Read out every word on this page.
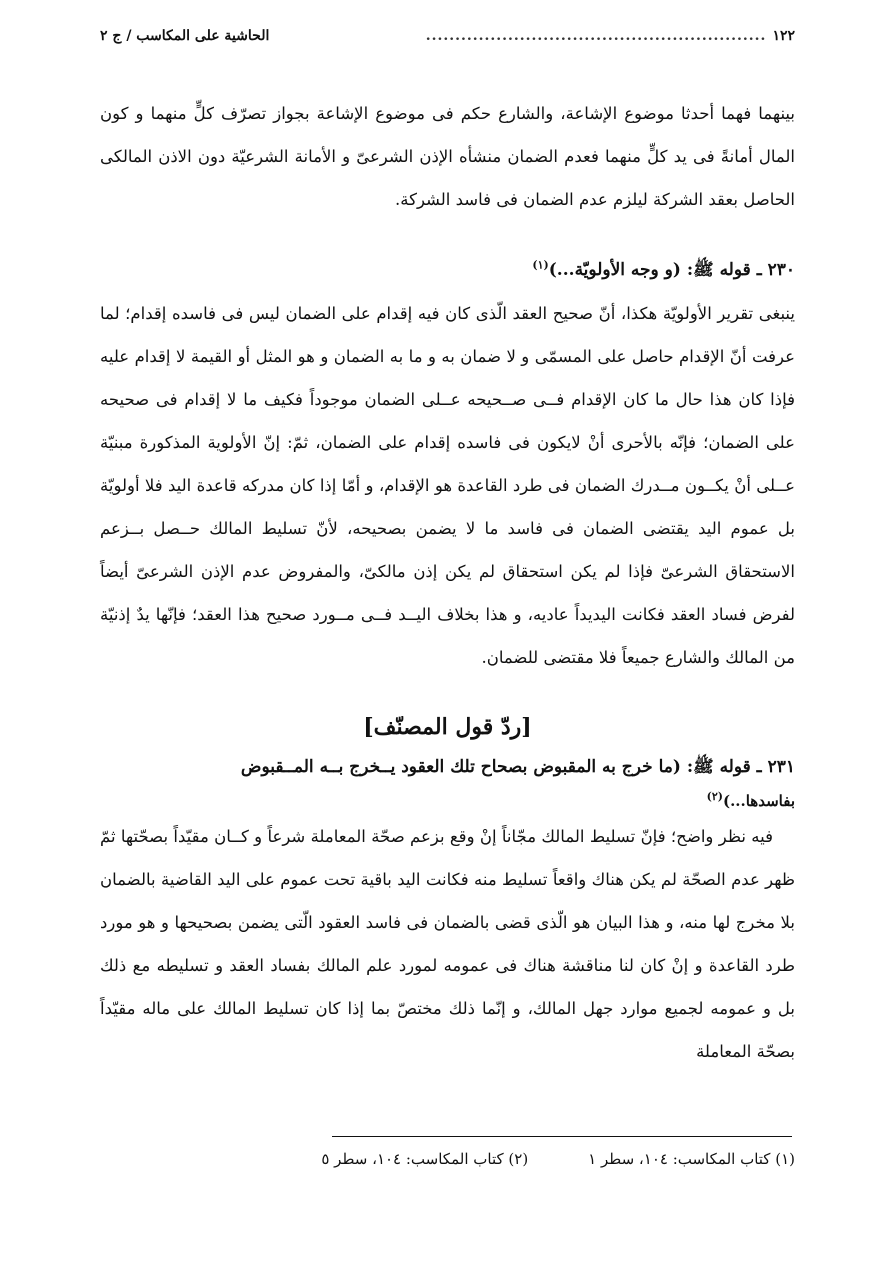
١٢٢
..........................................................
الحاشية على المكاسب / ج ٢

بينهما فهما أحدثا موضوع الإشاعة، والشارع حكم فى موضوع الإشاعة بجواز تصرّف كلٍّ منهما و كون المال أمانةً فى يد كلٍّ منهما فعدم الضمان منشأه الإذن الشرعىّ و الأمانة الشرعيّة دون الاذن المالكى الحاصل بعقد الشركة ليلزم عدم الضمان فى فاسد الشركة.

٢٣٠ ـ قوله ﷺ: (و وجه الأولويّة...)$^{(١)}$

ينبغى تقرير الأولويّة هكذا، أنّ صحيح العقد الّذى كان فيه إقدام على الضمان ليس فى فاسده إقدام؛ لما عرفت أنّ الإقدام حاصل على المسمّى و لا ضمان به و ما به الضمان و هو المثل أو القيمة لا إقدام عليه فإذا كان هذا حال ما كان الإقدام فــى صــحيحه عــلى الضمان موجوداً فكيف ما لا إقدام فى صحيحه على الضمان؛ فإنّه بالأحرى أنْ لايكون فى فاسده إقدام على الضمان، ثمّ: إنّ الأولوية المذكورة مبنيّة عــلى أنْ يكــون مــدرك الضمان فى طرد القاعدة هو الإقدام، و أمّا إذا كان مدركه قاعدة اليد فلا أولويّة بل عموم اليد يقتضى الضمان فى فاسد ما لا يضمن بصحيحه، لأنّ تسليط المالك حــصل بــزعم الاستحقاق الشرعىّ فإذا لم يكن استحقاق لم يكن إذن مالكىّ، والمفروض عدم الإذن الشرعىّ أيضاً لفرض فساد العقد فكانت اليديداً عاديه، و هذا بخلاف اليــد فــى مــورد صحيح هذا العقد؛ فإنّها يدٌ إذنيّة من المالك والشارع جميعاً فلا مقتضى للضمان.

[ردّ قول المصنّف]
٢٣١ ـ قوله ﷺ: (ما خرج به المقبوض بصحاح تلك العقود يــخرج بــه المــقبوض
بفاسدها...)$^{(٢)}$

فيه نظر واضح؛ فإنّ تسليط المالك مجّاناً إنْ وقع بزعم صحّة المعاملة شرعاً و كــان مقيّداً بصحّتها ثمّ ظهر عدم الصحّة لم يكن هناك واقعاً تسليط منه فكانت اليد باقية تحت عموم على اليد القاضية بالضمان بلا مخرج لها منه، و هذا البيان هو الّذى قضى بالضمان فى فاسد العقود الّتى يضمن بصحيحها و هو مورد طرد القاعدة و إنْ كان لنا مناقشة هناك فى عمومه لمورد علم المالك بفساد العقد و تسليطه مع ذلك بل و عمومه لجميع موارد جهل المالك، و إنّما ذلك مختصّ بما إذا كان تسليط المالك على ماله مقيّداً بصحّة المعاملة

(١) كتاب المكاسب: ١٠٤، سطر ١
(٢) كتاب المكاسب: ١٠٤، سطر ٥
